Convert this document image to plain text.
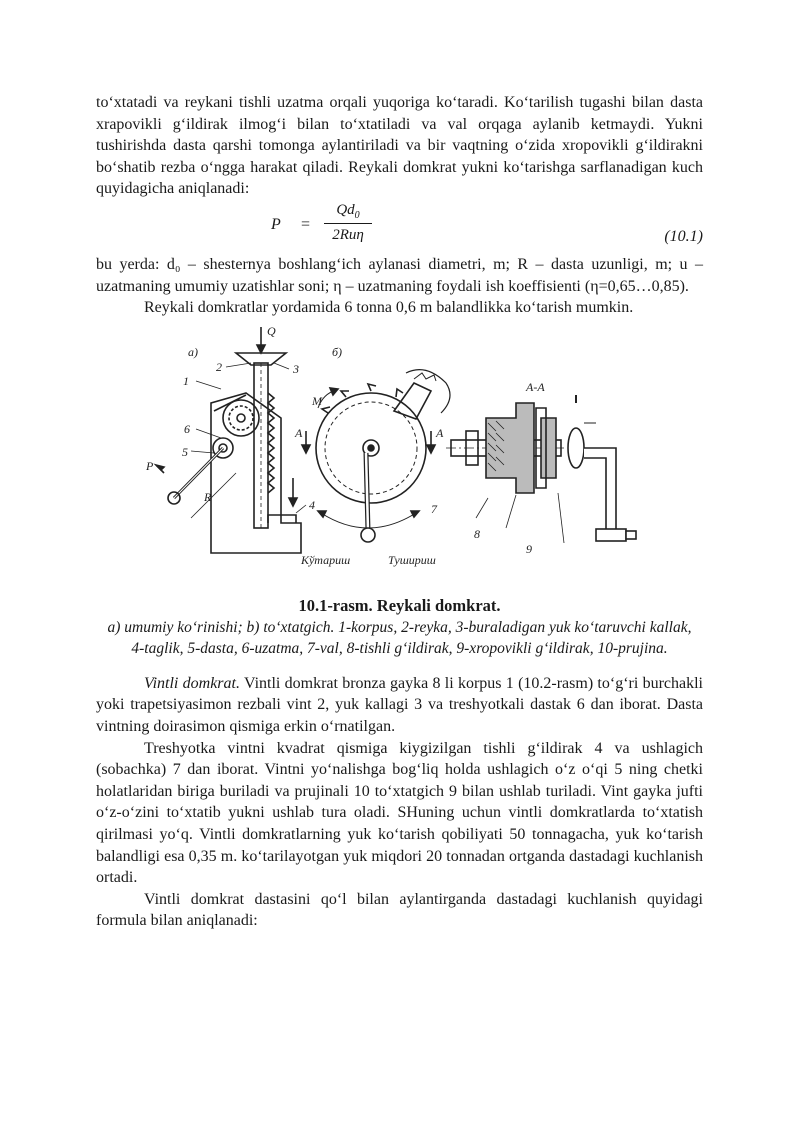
to‘xtatadi va reykani tishli uzatma orqali yuqoriga ko‘taradi. Ko‘tarilish tugashi bilan dasta xrapovikli g‘ildirak ilmog‘i bilan to‘xtatiladi va val orqaga aylanib ketmaydi. Yukni tushirishda dasta qarshi tomonga aylantiriladi va bir vaqtning o‘zida xropovikli g‘ildirakni bo‘shatib rezba o‘ngga harakat qiladi. Reykali domkrat yukni ko‘tarishga sarflanadigan kuch quyidagicha aniqlanadi:

P =
$Qd_0$
2Ruη	(10.1)

bu yerda: d₀ – shesternya boshlang‘ich aylanasi diametri, m; R – dasta uzunligi, m; u – uzatmaning umumiy uzatishlar soni; η – uzatmaning foydali ish koeffisienti (η=0,65…0,85).

Reykali domkratlar yordamida 6 tonna 0,6 m balandlikka ko‘tarish mumkin.

а)	б)
Q
P
M
A	A
A-A
1
2	3
4
5
6
7
8
9
R
Кўтариш	Тушириш
10.1-rasm. Reykali domkrat.
a) umumiy ko‘rinishi; b) to‘xtatgich. 1-korpus, 2-reyka, 3-buraladigan yuk ko‘taruvchi kallak, 4-taglik, 5-dasta, 6-uzatma, 7-val, 8-tishli g‘ildirak, 9-xropovikli g‘ildirak, 10-prujina.

Vintli domkrat. Vintli domkrat bronza gayka 8 li korpus 1 (10.2-rasm) to‘g‘ri burchakli yoki trapetsiyasimon rezbali vint 2, yuk kallagi 3 va treshyotkali dastak 6 dan iborat. Dasta vintning doirasimon qismiga erkin o‘rnatilgan.

Treshyotka vintni kvadrat qismiga kiygizilgan tishli g‘ildirak 4 va ushlagich (sobachka) 7 dan iborat. Vintni yo‘nalishga bog‘liq holda ushlagich o‘z o‘qi 5 ning chetki holatlaridan biriga buriladi va prujinali 10 to‘xtatgich 9 bilan ushlab turiladi. Vint gayka jufti o‘z-o‘zini to‘xtatib yukni ushlab tura oladi. SHuning uchun vintli domkratlarda to‘xtatish qirilmasi yo‘q. Vintli domkratlarning yuk ko‘tarish qobiliyati 50 tonnagacha, yuk ko‘tarish balandligi esa 0,35 m. ko‘tarilayotgan yuk miqdori 20 tonnadan ortganda dastadagi kuchlanish ortadi.

Vintli domkrat dastasini qo‘l bilan aylantirganda dastadagi kuchlanish quyidagi formula bilan aniqlanadi:
